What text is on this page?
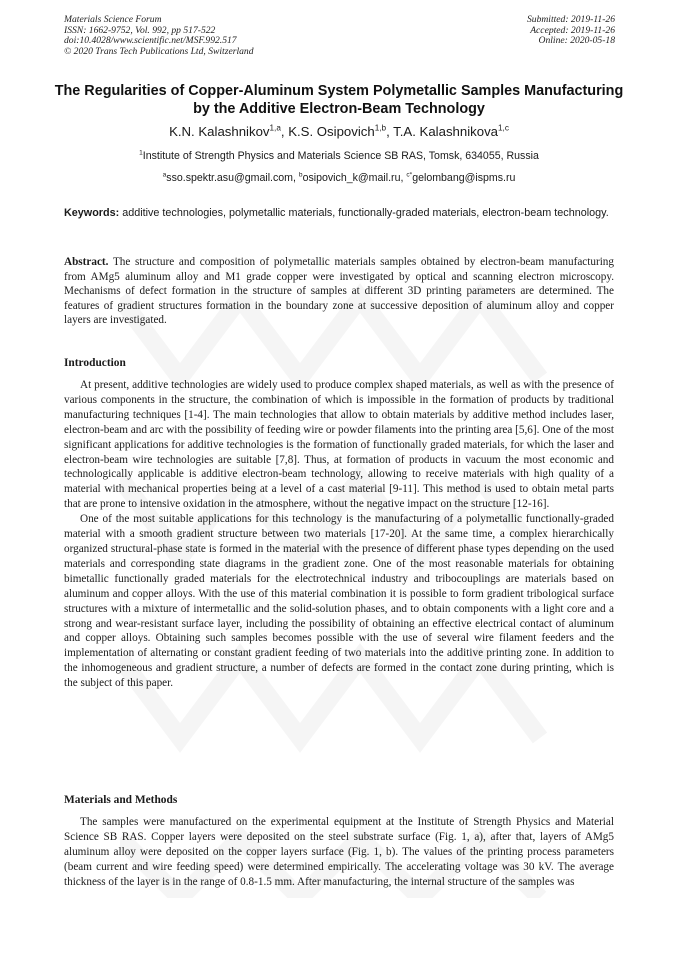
Materials Science Forum
ISSN: 1662-9752, Vol. 992, pp 517-522
doi:10.4028/www.scientific.net/MSF.992.517
© 2020 Trans Tech Publications Ltd, Switzerland
Submitted: 2019-11-26
Accepted: 2019-11-26
Online: 2020-05-18
The Regularities of Copper-Aluminum System Polymetallic Samples Manufacturing by the Additive Electron-Beam Technology
K.N. Kalashnikov$^{1,a}$, K.S. Osipovich$^{1,b}$, T.A. Kalashnikova$^{1,c}$
$^1$Institute of Strength Physics and Materials Science SB RAS, Tomsk, 634055, Russia
$^a$sso.spektr.asu@gmail.com, $^b$osipovich_k@mail.ru, $^{c*}$gelombang@ispms.ru
Keywords: additive technologies, polymetallic materials, functionally-graded materials, electron-beam technology.
Abstract. The structure and composition of polymetallic materials samples obtained by electron-beam manufacturing from AMg5 aluminum alloy and M1 grade copper were investigated by optical and scanning electron microscopy. Mechanisms of defect formation in the structure of samples at different 3D printing parameters are determined. The features of gradient structures formation in the boundary zone at successive deposition of aluminum alloy and copper layers are investigated.
Introduction

At present, additive technologies are widely used to produce complex shaped materials, as well as with the presence of various components in the structure, the combination of which is impossible in the formation of products by traditional manufacturing techniques [1-4]. The main technologies that allow to obtain materials by additive method includes laser, electron-beam and arc with the possibility of feeding wire or powder filaments into the printing area [5,6]. One of the most significant applications for additive technologies is the formation of functionally graded materials, for which the laser and electron-beam wire technologies are suitable [7,8]. Thus, at formation of products in vacuum the most economic and technologically applicable is additive electron-beam technology, allowing to receive materials with high quality of a material with mechanical properties being at a level of a cast material [9-11]. This method is used to obtain metal parts that are prone to intensive oxidation in the atmosphere, without the negative impact on the structure [12-16].

One of the most suitable applications for this technology is the manufacturing of a polymetallic functionally-graded material with a smooth gradient structure between two materials [17-20]. At the same time, a complex hierarchically organized structural-phase state is formed in the material with the presence of different phase types depending on the used materials and corresponding state diagrams in the gradient zone. One of the most reasonable materials for obtaining bimetallic functionally graded materials for the electrotechnical industry and tribocouplings are materials based on aluminum and copper alloys. With the use of this material combination it is possible to form gradient tribological surface structures with a mixture of intermetallic and the solid-solution phases, and to obtain components with a light core and a strong and wear-resistant surface layer, including the possibility of obtaining an effective electrical contact of aluminum and copper alloys. Obtaining such samples becomes possible with the use of several wire filament feeders and the implementation of alternating or constant gradient feeding of two materials into the additive printing zone. In addition to the inhomogeneous and gradient structure, a number of defects are formed in the contact zone during printing, which is the subject of this paper.

Materials and Methods

The samples were manufactured on the experimental equipment at the Institute of Strength Physics and Material Science SB RAS. Copper layers were deposited on the steel substrate surface (Fig. 1, a), after that, layers of AMg5 aluminum alloy were deposited on the copper layers surface (Fig. 1, b). The values of the printing process parameters (beam current and wire feeding speed) were determined empirically. The accelerating voltage was 30 kV. The average thickness of the layer is in the range of 0.8-1.5 mm. After manufacturing, the internal structure of the samples was
